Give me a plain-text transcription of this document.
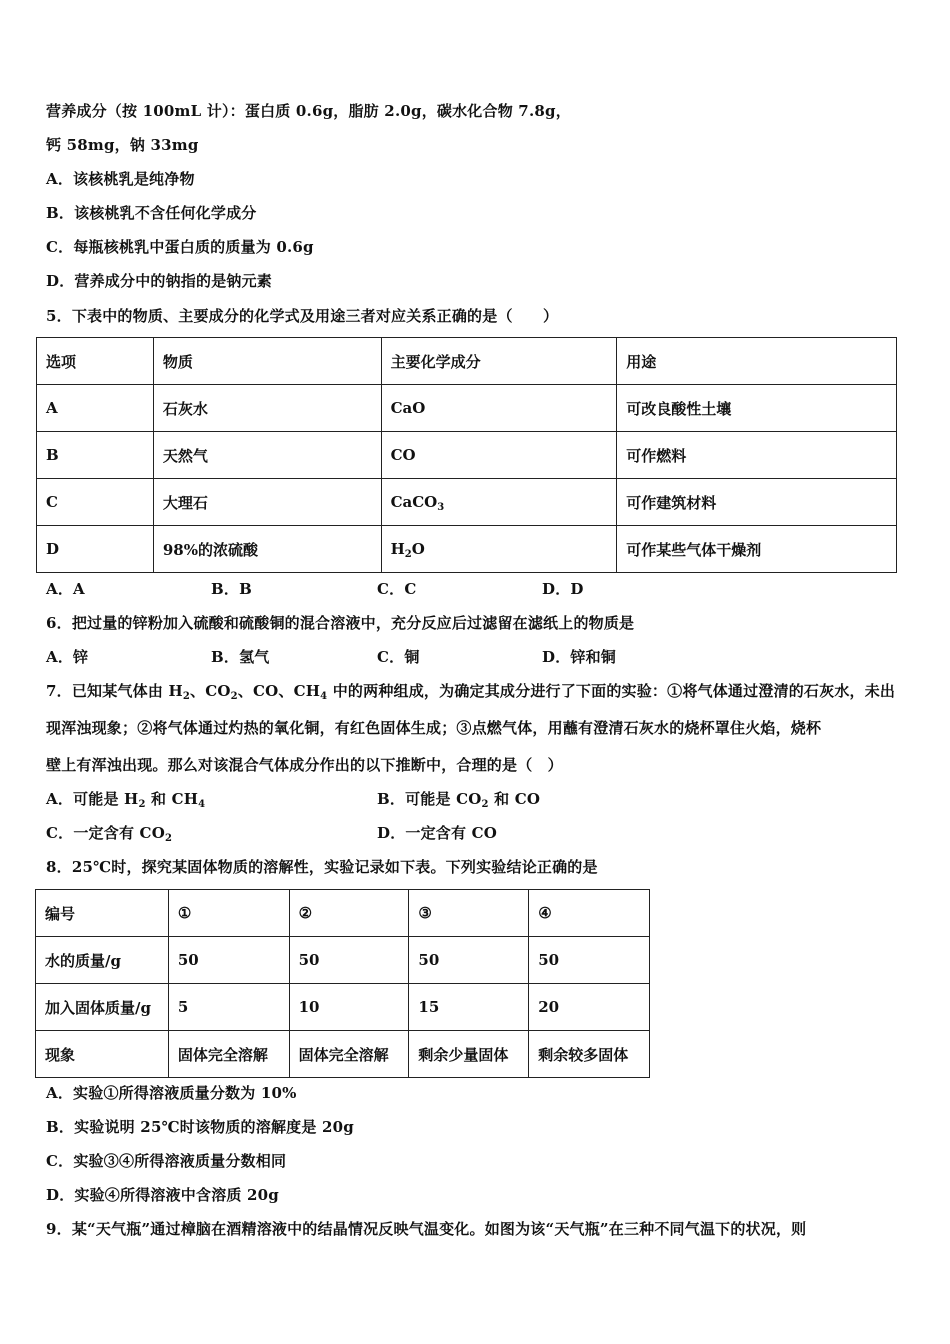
营养成分（按 100mL 计）：蛋白质 0.6g，脂肪 2.0g，碳水化合物 7.8g，
钙 58mg，钠 33mg
A．该核桃乳是纯净物
B．该核桃乳不含任何化学成分
C．每瓶核桃乳中蛋白质的质量为 0.6g
D．营养成分中的钠指的是钠元素
5．下表中的物质、主要成分的化学式及用途三者对应关系正确的是（　　）
选项	物质	主要化学成分	用途
A	石灰水	CaO	可改良酸性土壤
B	天然气	CO	可作燃料
C	大理石	CaCO$_3$	可作建筑材料
D	98%的浓硫酸	$H_2O$	可作某些气体干燥剂
A．A	B．B	C．C	D．D
6．把过量的锌粉加入硫酸和硫酸铜的混合溶液中，充分反应后过滤留在滤纸上的物质是
A．锌	B．氢气	C．铜	D．锌和铜
7．已知某气体由 $H_2$、$CO_2$、CO、$CH_4$ 中的两种组成，为确定其成分进行了下面的实验：①将气体通过澄清的石灰水，未出
现浑浊现象；②将气体通过灼热的氧化铜，有红色固体生成；③点燃气体，用蘸有澄清石灰水的烧杯罩住火焰，烧杯
壁上有浑浊出现。那么对该混合气体成分作出的以下推断中，合理的是（　）
A．可能是 $H_2$ 和 $CH_4$	B．可能是 $CO_2$ 和 CO
C．一定含有 $CO_2$	D．一定含有 CO
8．25℃时，探究某固体物质的溶解性，实验记录如下表。下列实验结论正确的是
编号	①	②	③	④
水的质量/g	50	50	50	50
加入固体质量/g	5	10	15	20
现象	固体完全溶解	固体完全溶解	剩余少量固体	剩余较多固体
A．实验①所得溶液质量分数为 10%
B．实验说明 25℃时该物质的溶解度是 20g
C．实验③④所得溶液质量分数相同
D．实验④所得溶液中含溶质 20g
9．某“天气瓶”通过樟脑在酒精溶液中的结晶情况反映气温变化。如图为该“天气瓶”在三种不同气温下的状况，则
